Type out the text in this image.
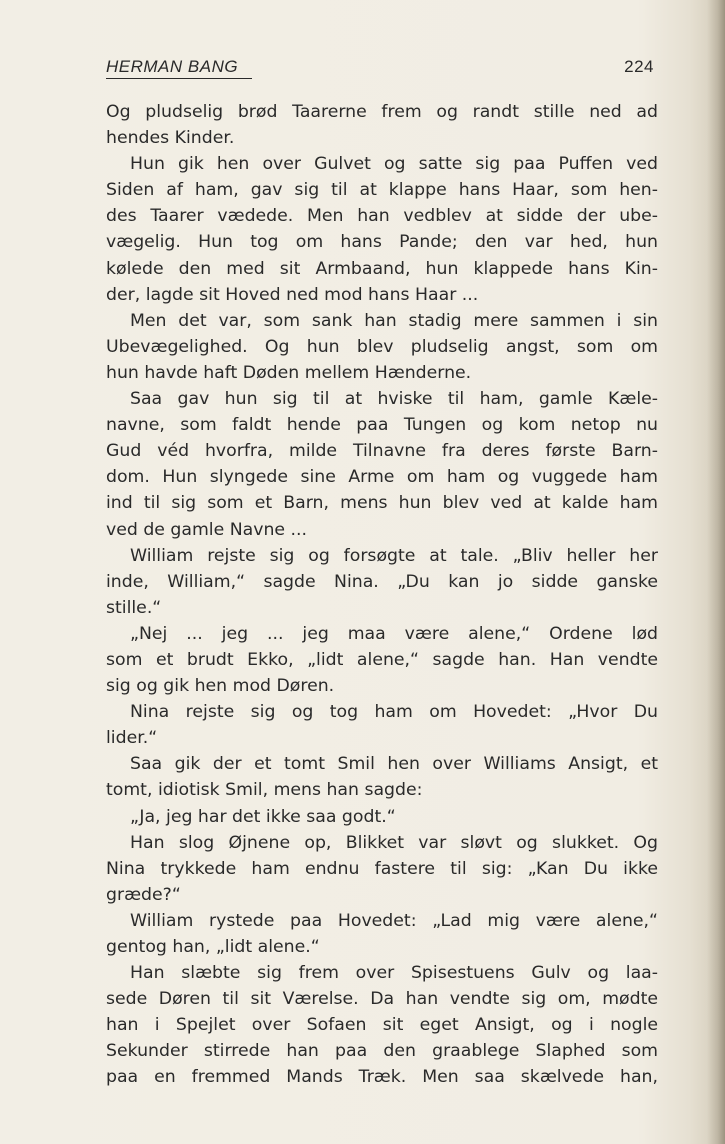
HERMAN BANG	224
Og pludselig brød Taarerne frem og randt stille ned ad
hendes Kinder.
Hun gik hen over Gulvet og satte sig paa Puffen ved
Siden af ham, gav sig til at klappe hans Haar, som hen-
des Taarer vædede. Men han vedblev at sidde der ube-
vægelig. Hun tog om hans Pande; den var hed, hun
kølede den med sit Armbaand, hun klappede hans Kin-
der, lagde sit Hoved ned mod hans Haar ...
Men det var, som sank han stadig mere sammen i sin
Ubevægelighed. Og hun blev pludselig angst, som om
hun havde haft Døden mellem Hænderne.
Saa gav hun sig til at hviske til ham, gamle Kæle-
navne, som faldt hende paa Tungen og kom netop nu
Gud véd hvorfra, milde Tilnavne fra deres første Barn-
dom. Hun slyngede sine Arme om ham og vuggede ham
ind til sig som et Barn, mens hun blev ved at kalde ham
ved de gamle Navne ...
William rejste sig og forsøgte at tale. „Bliv heller her
inde, William,“ sagde Nina. „Du kan jo sidde ganske
stille.“
„Nej ... jeg ... jeg maa være alene,“ Ordene lød
som et brudt Ekko, „lidt alene,“ sagde han. Han vendte
sig og gik hen mod Døren.
Nina rejste sig og tog ham om Hovedet: „Hvor Du
lider.“
Saa gik der et tomt Smil hen over Williams Ansigt, et
tomt, idiotisk Smil, mens han sagde:
„Ja, jeg har det ikke saa godt.“
Han slog Øjnene op, Blikket var sløvt og slukket. Og
Nina trykkede ham endnu fastere til sig: „Kan Du ikke
græde?“
William rystede paa Hovedet: „Lad mig være alene,“
gentog han, „lidt alene.“
Han slæbte sig frem over Spisestuens Gulv og laa-
sede Døren til sit Værelse. Da han vendte sig om, mødte
han i Spejlet over Sofaen sit eget Ansigt, og i nogle
Sekunder stirrede han paa den graablege Slaphed som
paa en fremmed Mands Træk. Men saa skælvede han,
